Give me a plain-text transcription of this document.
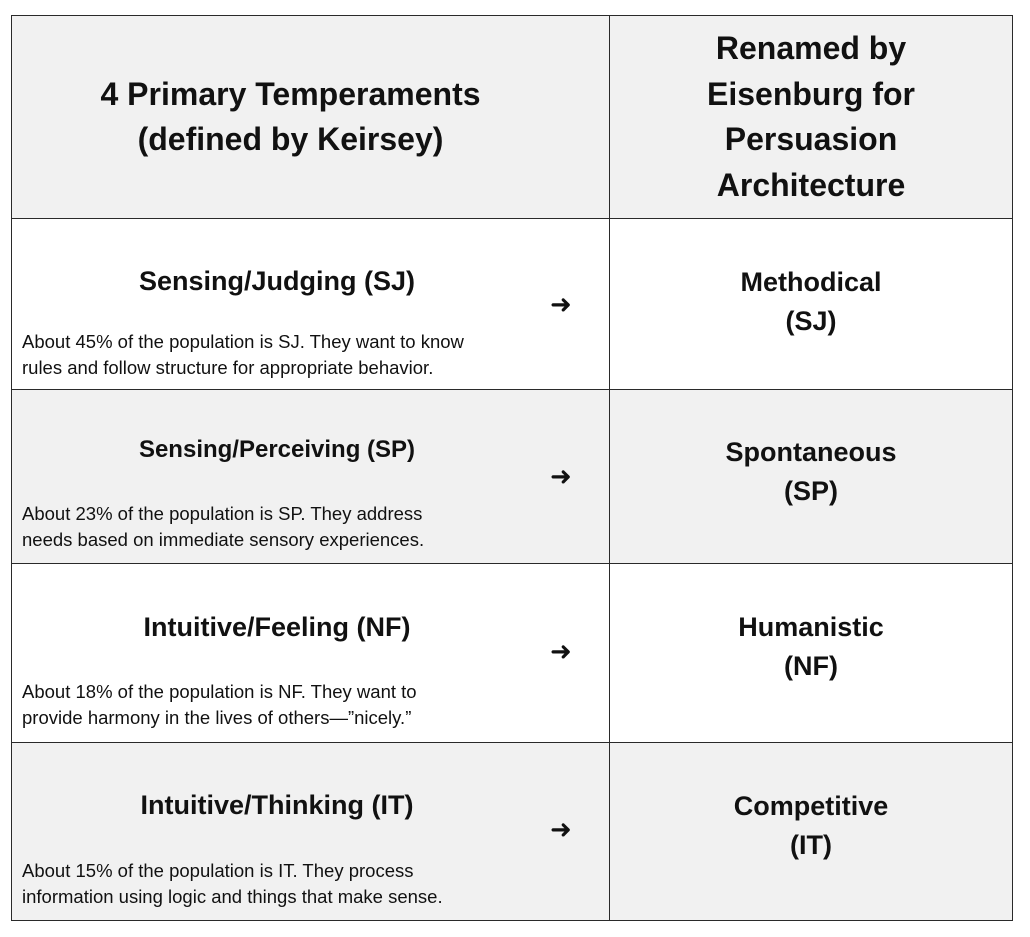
4 Primary Temperaments
(defined by Keirsey)
Renamed by
Eisenburg for
Persuasion
Architecture
Sensing/Judging (SJ)
About 45% of the population is SJ. They want to know
rules and follow structure for appropriate behavior.
➜
Methodical
(SJ)
Sensing/Perceiving (SP)
About 23% of the population is SP. They address
needs based on immediate sensory experiences.
➜
Spontaneous
(SP)
Intuitive/Feeling (NF)
About 18% of the population is NF. They want to
provide harmony in the lives of others—”nicely.”
➜
Humanistic
(NF)
Intuitive/Thinking (IT)
About 15% of the population is IT. They process
information using logic and things that make sense.
➜
Competitive
(IT)
